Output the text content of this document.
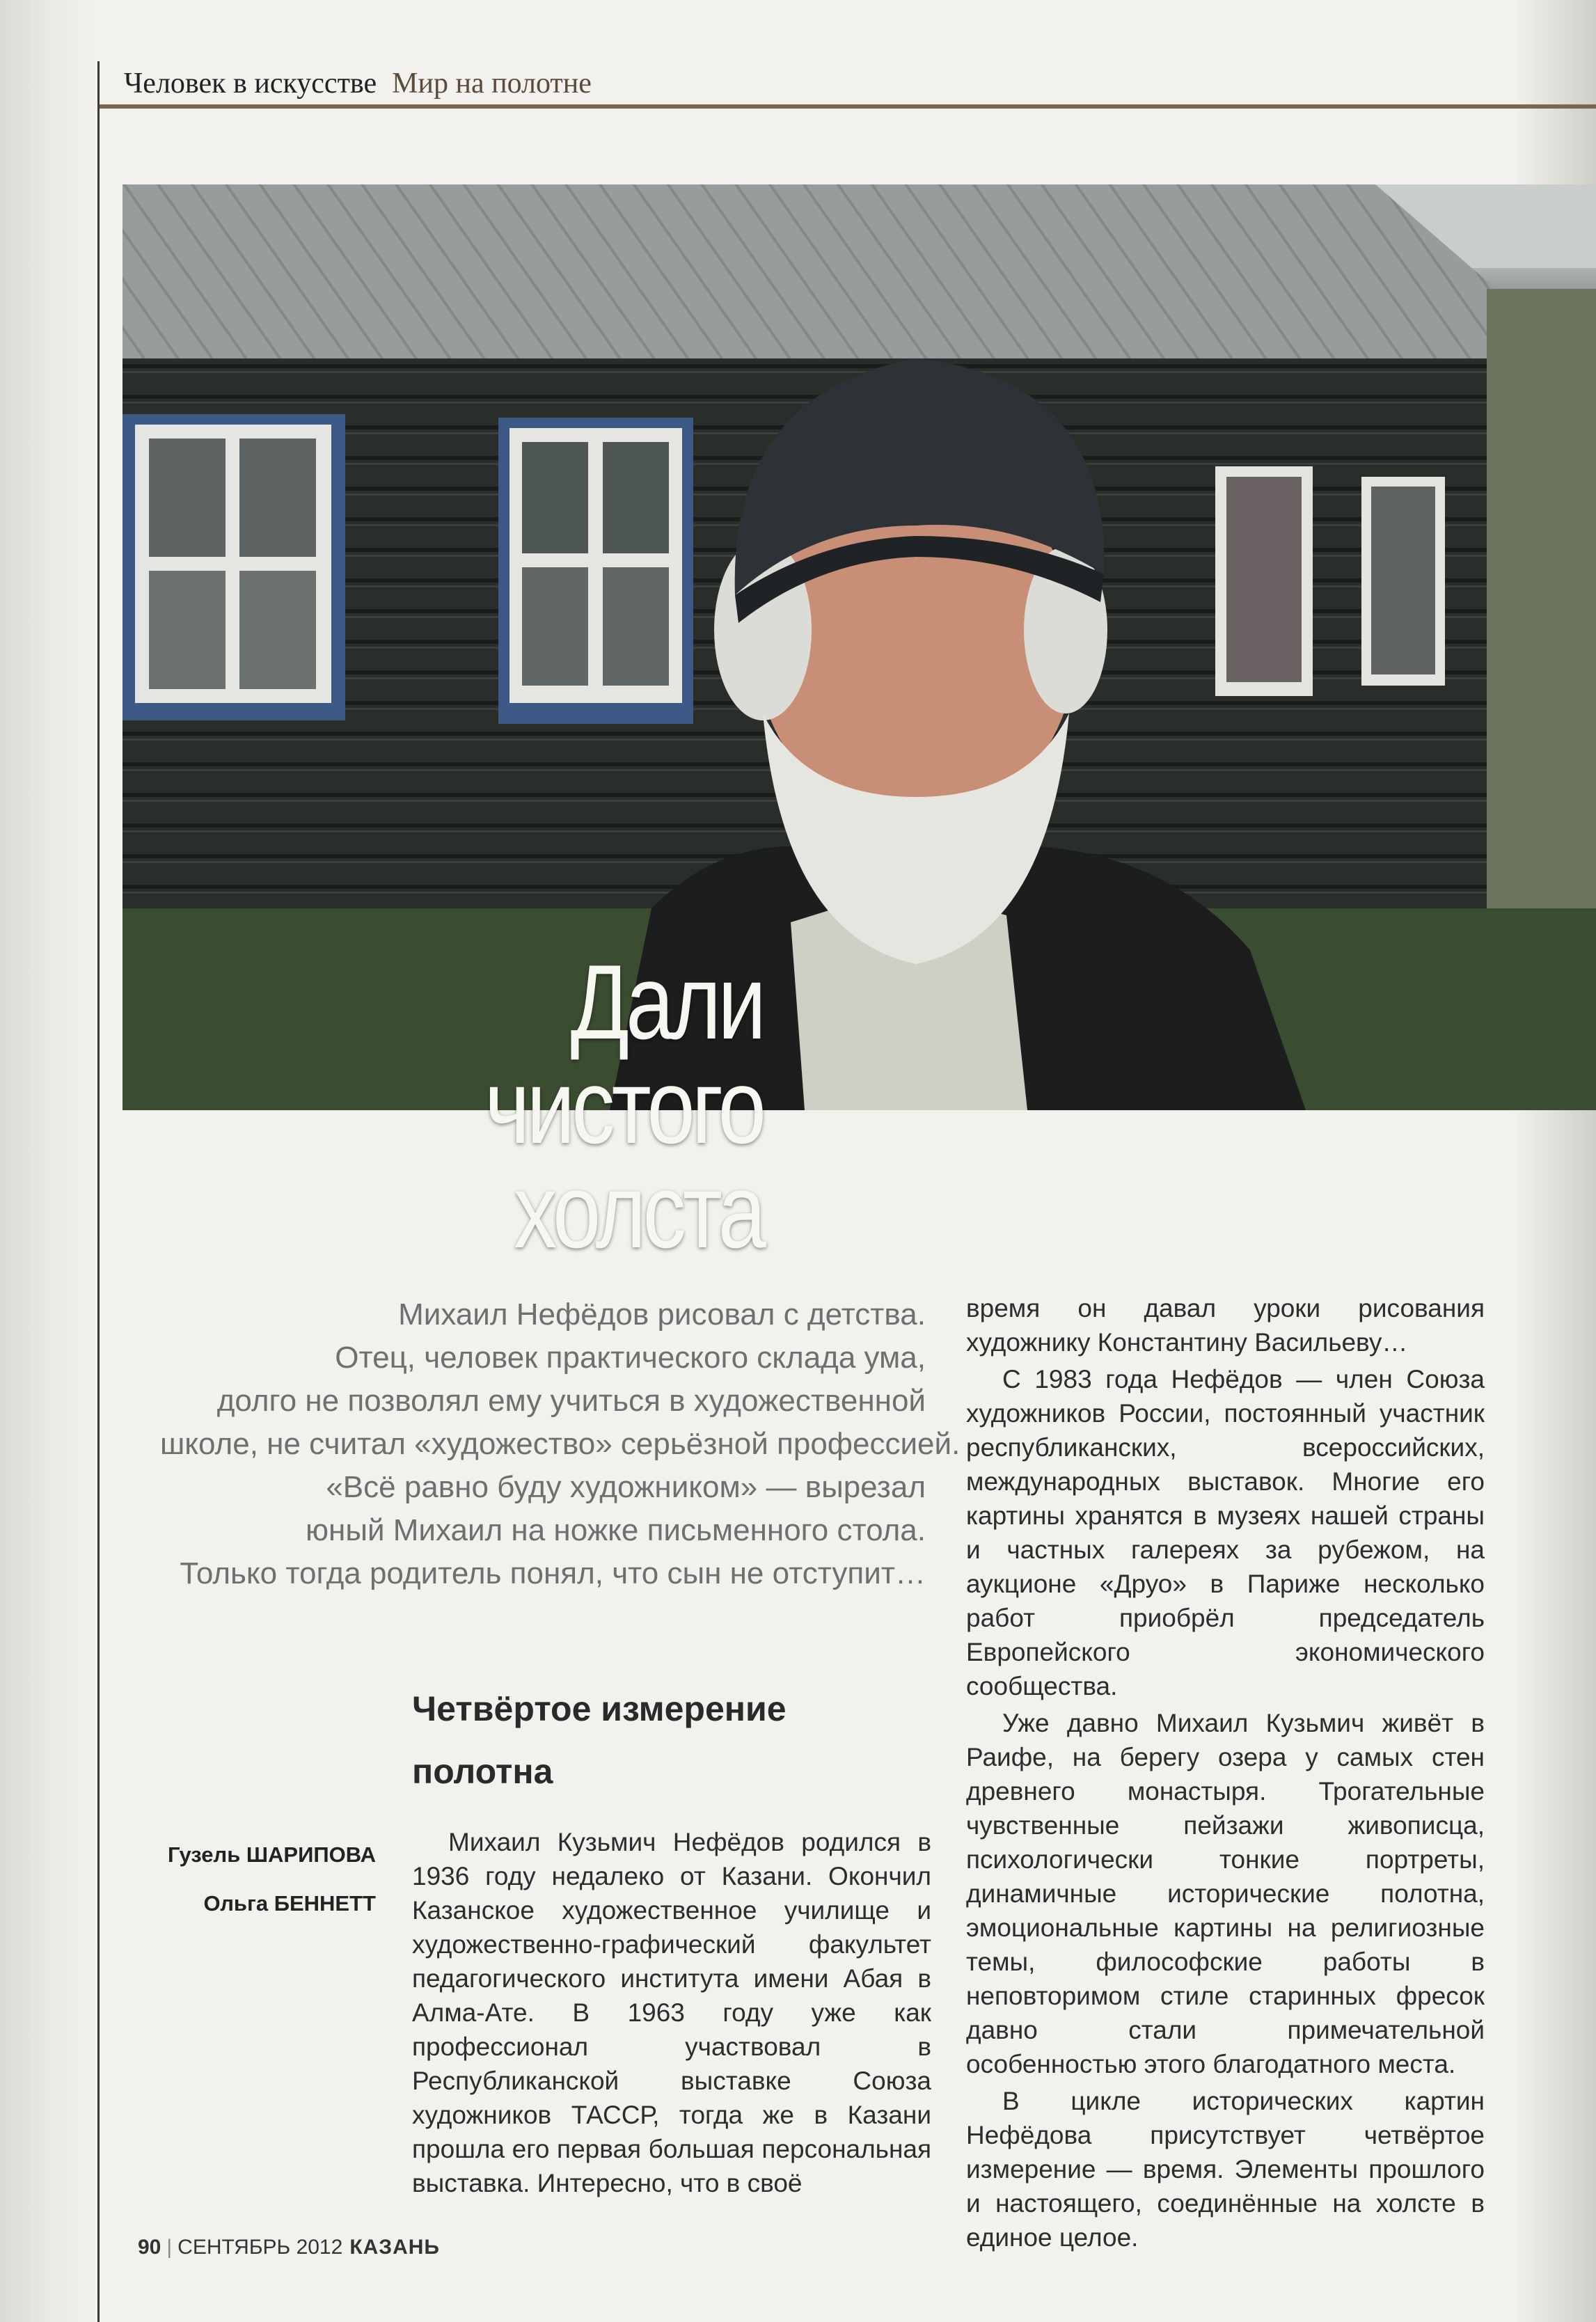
Человек в искусстве Мир на полотне
Дали
чистого
холста
Михаил Нефёдов рисовал с детства.
Отец, человек практического склада ума,
долго не позволял ему учиться в художественной
школе, не считал «художество» серьёзной профессией.
«Всё равно буду художником» — вырезал
юный Михаил на ножке письменного стола.
Только тогда родитель понял, что сын не отступит…
Четвёртое измерение
полотна
Гузель ШАРИПОВА
Ольга БЕННЕТТ

Михаил Кузьмич Нефёдов родился в 1936 году недалеко от Казани. Окончил Казанское художественное училище и художественно-графический факультет педагогического института имени Абая в Алма-Ате. В 1963 году уже как профессионал участвовал в Республиканской выставке Союза художников ТАССР, тогда же в Казани прошла его первая большая персональная выставка. Интересно, что в своё

время он давал уроки рисования художнику Константину Васильеву…

С 1983 года Нефёдов — член Союза художников России, постоянный участник республиканских, всероссийских, международных выставок. Многие его картины хранятся в музеях нашей страны и частных галереях за рубежом, на аукционе «Друо» в Париже несколько работ приобрёл председатель Европейского экономического сообщества.

Уже давно Михаил Кузьмич живёт в Раифе, на берегу озера у самых стен древнего монастыря. Трогательные чувственные пейзажи живописца, психологически тонкие портреты, динамичные исторические полотна, эмоциональные картины на религиозные темы, философские работы в неповторимом стиле старинных фресок давно стали примечательной особенностью этого благодатного места.

В цикле исторических картин Нефёдова присутствует четвёртое измерение — время. Элементы прошлого и настоящего, соединённые на холсте в единое целое.

90 | СЕНТЯБРЬ 2012 КАЗАНЬ
